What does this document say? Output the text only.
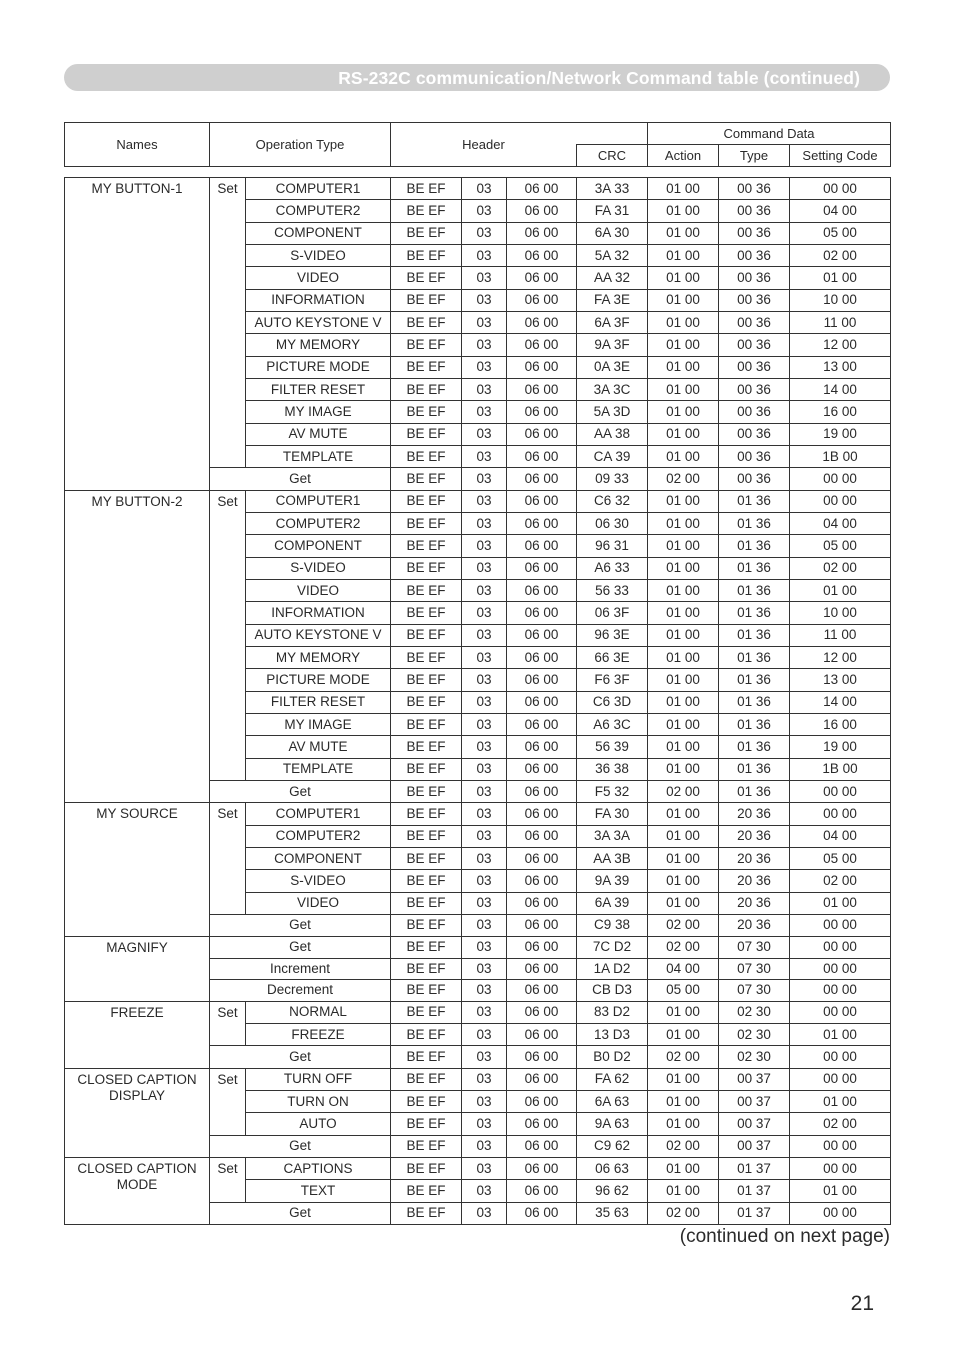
RS-232C communication/Network Command table (continued)
Names	Operation Type	Header		Command Data		
			CRC	Action	Type	Setting Code
MY BUTTON-1	Set	COMPUTER1	BE EF	03	06 00	3A 33	01 00	00 36	00 00
		COMPUTER2	BE EF	03	06 00	FA 31	01 00	00 36	04 00
		COMPONENT	BE EF	03	06 00	6A 30	01 00	00 36	05 00
		S-VIDEO	BE EF	03	06 00	5A 32	01 00	00 36	02 00
		VIDEO	BE EF	03	06 00	AA 32	01 00	00 36	01 00
		INFORMATION	BE EF	03	06 00	FA 3E	01 00	00 36	10 00
		AUTO KEYSTONE V	BE EF	03	06 00	6A 3F	01 00	00 36	11 00
		MY MEMORY	BE EF	03	06 00	9A 3F	01 00	00 36	12 00
		PICTURE MODE	BE EF	03	06 00	0A 3E	01 00	00 36	13 00
		FILTER RESET	BE EF	03	06 00	3A 3C	01 00	00 36	14 00
		MY IMAGE	BE EF	03	06 00	5A 3D	01 00	00 36	16 00
		AV MUTE	BE EF	03	06 00	AA 38	01 00	00 36	19 00
		TEMPLATE	BE EF	03	06 00	CA 39	01 00	00 36	1B 00
	Get		BE EF	03	06 00	09 33	02 00	00 36	00 00
MY BUTTON-2	Set	COMPUTER1	BE EF	03	06 00	C6 32	01 00	01 36	00 00
		COMPUTER2	BE EF	03	06 00	06 30	01 00	01 36	04 00
		COMPONENT	BE EF	03	06 00	96 31	01 00	01 36	05 00
		S-VIDEO	BE EF	03	06 00	A6 33	01 00	01 36	02 00
		VIDEO	BE EF	03	06 00	56 33	01 00	01 36	01 00
		INFORMATION	BE EF	03	06 00	06 3F	01 00	01 36	10 00
		AUTO KEYSTONE V	BE EF	03	06 00	96 3E	01 00	01 36	11 00
		MY MEMORY	BE EF	03	06 00	66 3E	01 00	01 36	12 00
		PICTURE MODE	BE EF	03	06 00	F6 3F	01 00	01 36	13 00
		FILTER RESET	BE EF	03	06 00	C6 3D	01 00	01 36	14 00
		MY IMAGE	BE EF	03	06 00	A6 3C	01 00	01 36	16 00
		AV MUTE	BE EF	03	06 00	56 39	01 00	01 36	19 00
		TEMPLATE	BE EF	03	06 00	36 38	01 00	01 36	1B 00
	Get		BE EF	03	06 00	F5 32	02 00	01 36	00 00
MY SOURCE	Set	COMPUTER1	BE EF	03	06 00	FA 30	01 00	20 36	00 00
		COMPUTER2	BE EF	03	06 00	3A 3A	01 00	20 36	04 00
		COMPONENT	BE EF	03	06 00	AA 3B	01 00	20 36	05 00
		S-VIDEO	BE EF	03	06 00	9A 39	01 00	20 36	02 00
		VIDEO	BE EF	03	06 00	6A 39	01 00	20 36	01 00
	Get		BE EF	03	06 00	C9 38	02 00	20 36	00 00
MAGNIFY	Get		BE EF	03	06 00	7C D2	02 00	07 30	00 00
	Increment		BE EF	03	06 00	1A D2	04 00	07 30	00 00
	Decrement		BE EF	03	06 00	CB D3	05 00	07 30	00 00
FREEZE	Set	NORMAL	BE EF	03	06 00	83 D2	01 00	02 30	00 00
		FREEZE	BE EF	03	06 00	13 D3	01 00	02 30	01 00
	Get		BE EF	03	06 00	B0 D2	02 00	02 30	00 00
CLOSED CAPTION DISPLAY	Set	TURN OFF	BE EF	03	06 00	FA 62	01 00	00 37	00 00
		TURN ON	BE EF	03	06 00	6A 63	01 00	00 37	01 00
		AUTO	BE EF	03	06 00	9A 63	01 00	00 37	02 00
	Get		BE EF	03	06 00	C9 62	02 00	00 37	00 00
CLOSED CAPTION MODE	Set	CAPTIONS	BE EF	03	06 00	06 63	01 00	01 37	00 00
		TEXT	BE EF	03	06 00	96 62	01 00	01 37	01 00
	Get		BE EF	03	06 00	35 63	02 00	01 37	00 00
(continued on next page)
21
